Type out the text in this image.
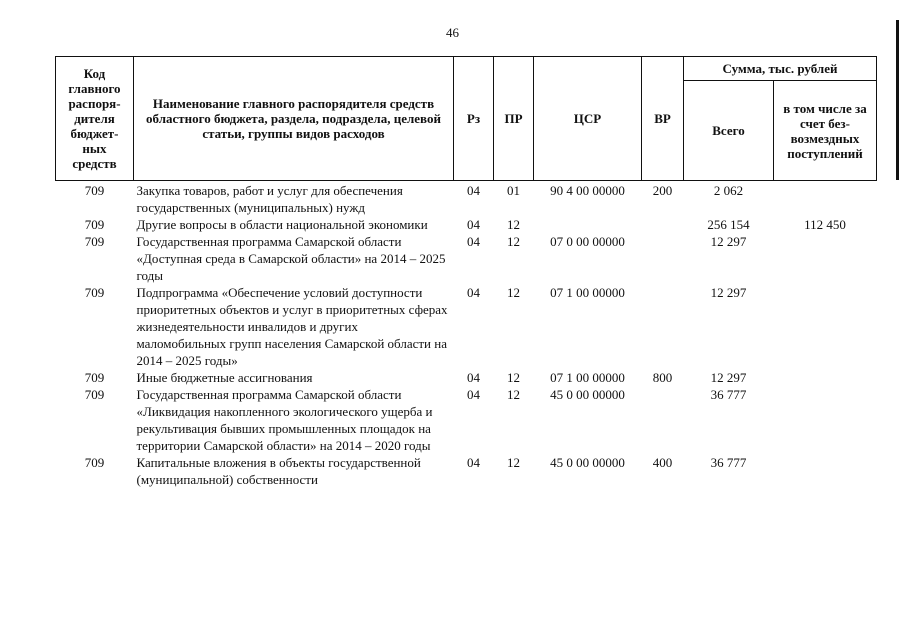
46
Код главного распоря-дителя бюджет-ных средств	Наименование главного распорядителя средств областного бюджета, раздела, подраздела, целевой статьи, группы видов расходов	Рз	ПР	ЦСР	ВР	Сумма, тыс. рублей	
						Всего	в том числе за счет без-возмездных поступлений
709	Закупка товаров, работ и услуг для обеспечения государственных (муниципальных) нужд	04	01	90 4 00 00000	200	2 062	
709	Другие вопросы в области национальной экономики	04	12			256 154	112 450
709	Государственная программа Самарской области «Доступная среда в Самарской области» на 2014 – 2025 годы	04	12	07 0 00 00000		12 297	
709	Подпрограмма «Обеспечение условий доступности приоритетных объектов и услуг в приоритетных сферах жизнедеятельности инвалидов и других маломобильных групп населения Самарской области на 2014 – 2025 годы»	04	12	07 1 00 00000		12 297	
709	Иные бюджетные ассигнования	04	12	07 1 00 00000	800	12 297	
709	Государственная программа Самарской области «Ликвидация накопленного экологического ущерба и рекультивация бывших промышленных площадок на территории Самарской области» на 2014 – 2020 годы	04	12	45 0 00 00000		36 777	
709	Капитальные вложения в объекты государственной (муниципальной) собственности	04	12	45 0 00 00000	400	36 777	
